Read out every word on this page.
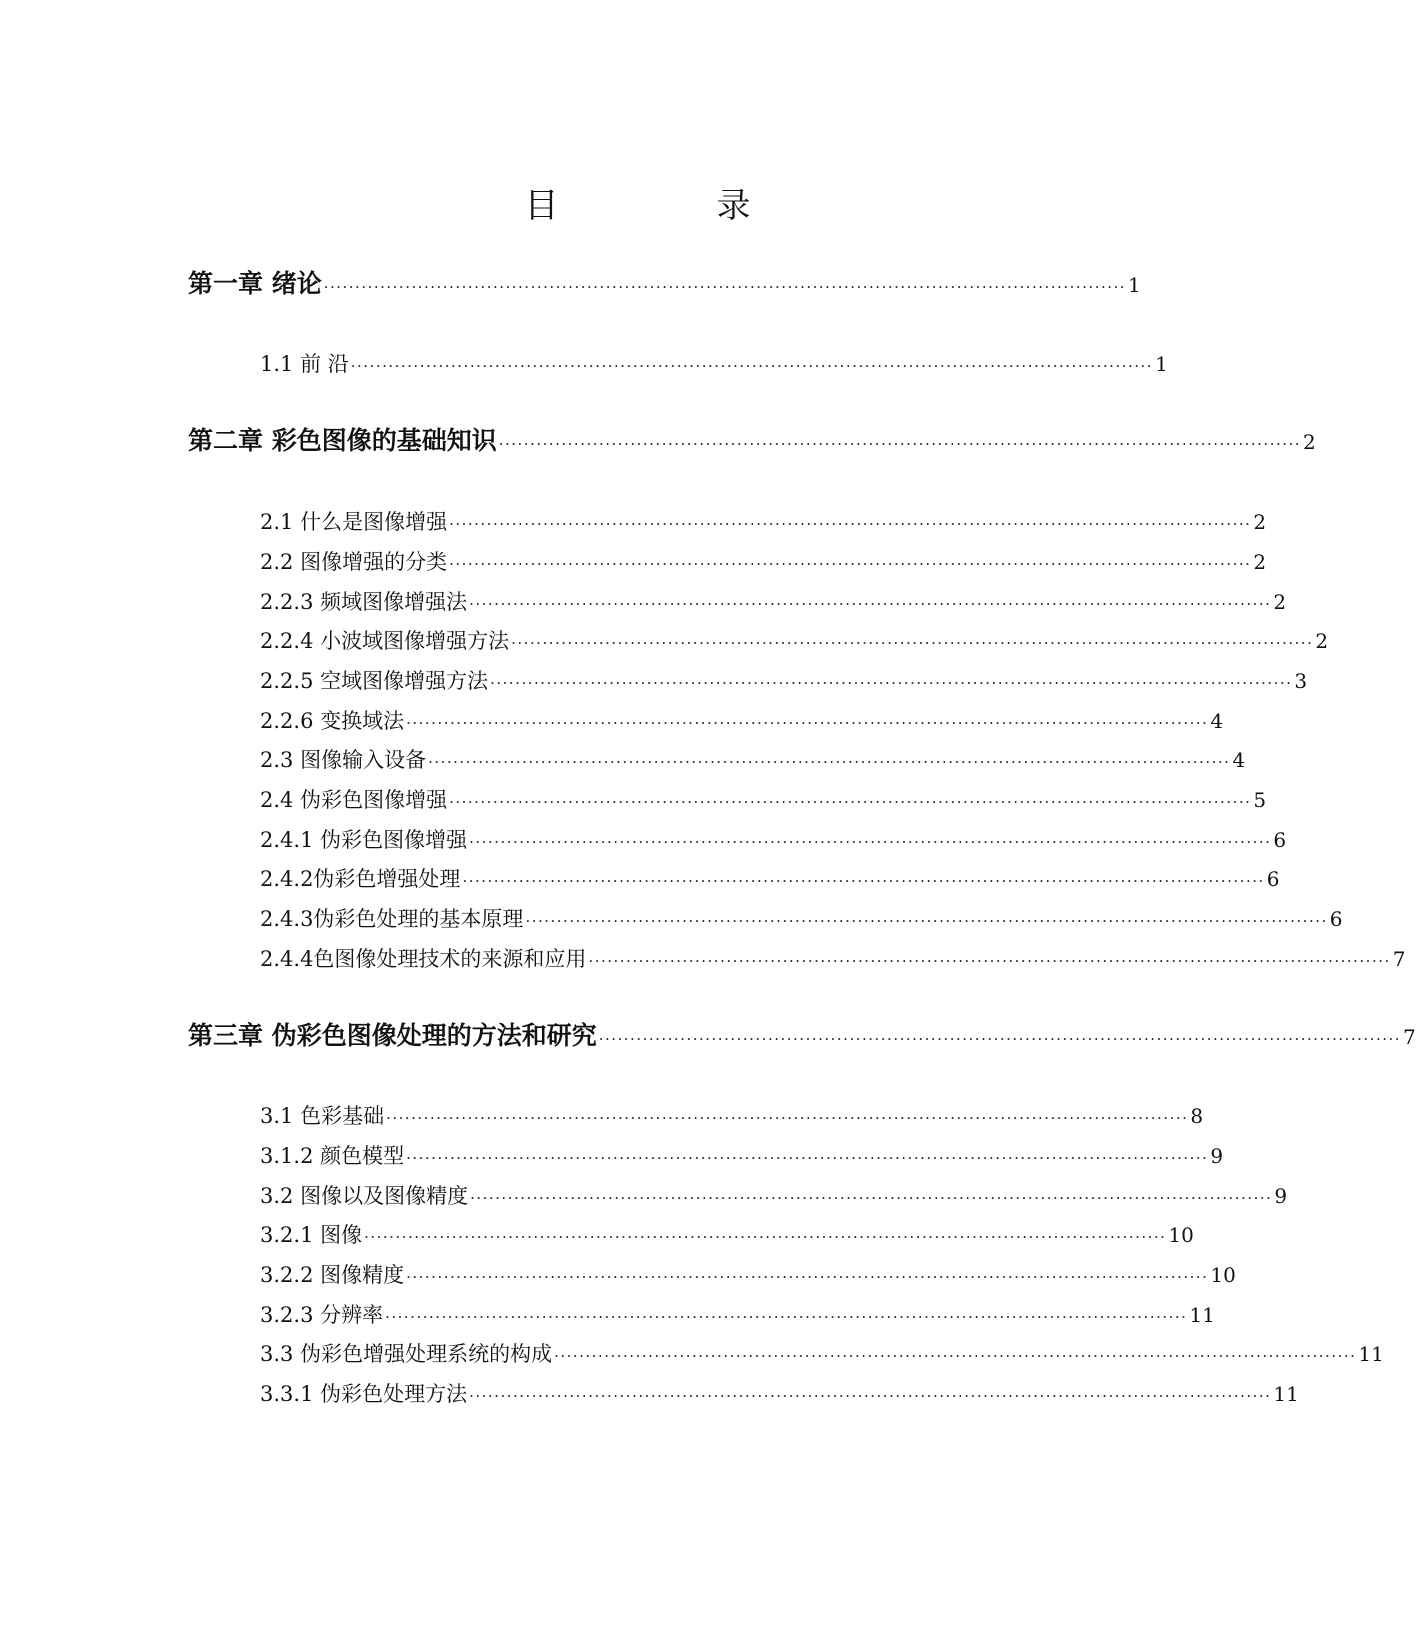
目　录
第一章 绪论 ································································································································ 1
1.1 前 沿 ································································································································ 1
第二章 彩色图像的基础知识 ································································································································ 2
2.1 什么是图像增强 ································································································································ 2
2.2 图像增强的分类 ································································································································ 2
2.2.3 频域图像增强法 ································································································································ 2
2.2.4 小波域图像增强方法 ································································································································ 2
2.2.5 空域图像增强方法 ································································································································ 3
2.2.6 变换域法 ································································································································ 4
2.3 图像输入设备 ································································································································ 4
2.4 伪彩色图像增强 ································································································································ 5
2.4.1 伪彩色图像增强 ································································································································ 6
2.4.2伪彩色增强处理 ································································································································ 6
2.4.3伪彩色处理的基本原理 ································································································································ 6
2.4.4色图像处理技术的来源和应用 ································································································································ 7
第三章 伪彩色图像处理的方法和研究 ································································································································ 7
3.1 色彩基础 ································································································································ 8
3.1.2 颜色模型 ································································································································ 9
3.2 图像以及图像精度 ································································································································ 9
3.2.1 图像 ································································································································ 10
3.2.2 图像精度 ································································································································ 10
3.2.3 分辨率 ································································································································ 11
3.3 伪彩色增强处理系统的构成 ································································································································ 11
3.3.1 伪彩色处理方法 ································································································································ 11
